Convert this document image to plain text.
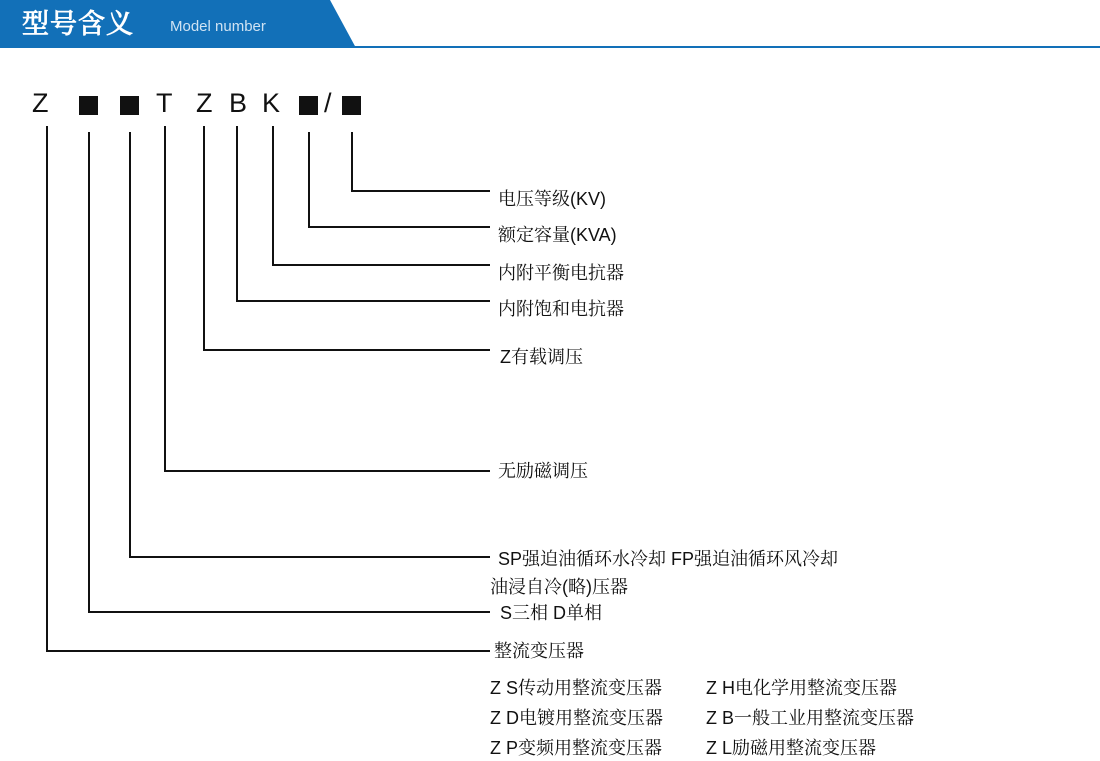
型号含义 Model number
Z	T Z B K /
电压等级(KV)
额定容量(KVA)
内附平衡电抗器
内附饱和电抗器
Z有载调压
无励磁调压
SP强迫油循环水冷却 FP强迫油循环风冷却
油浸自冷(略)压器
S三相 D单相
整流变压器
Z S传动用整流变压器 Z H电化学用整流变压器
Z D电镀用整流变压器 Z B一般工业用整流变压器
Z P变频用整流变压器 Z L励磁用整流变压器
